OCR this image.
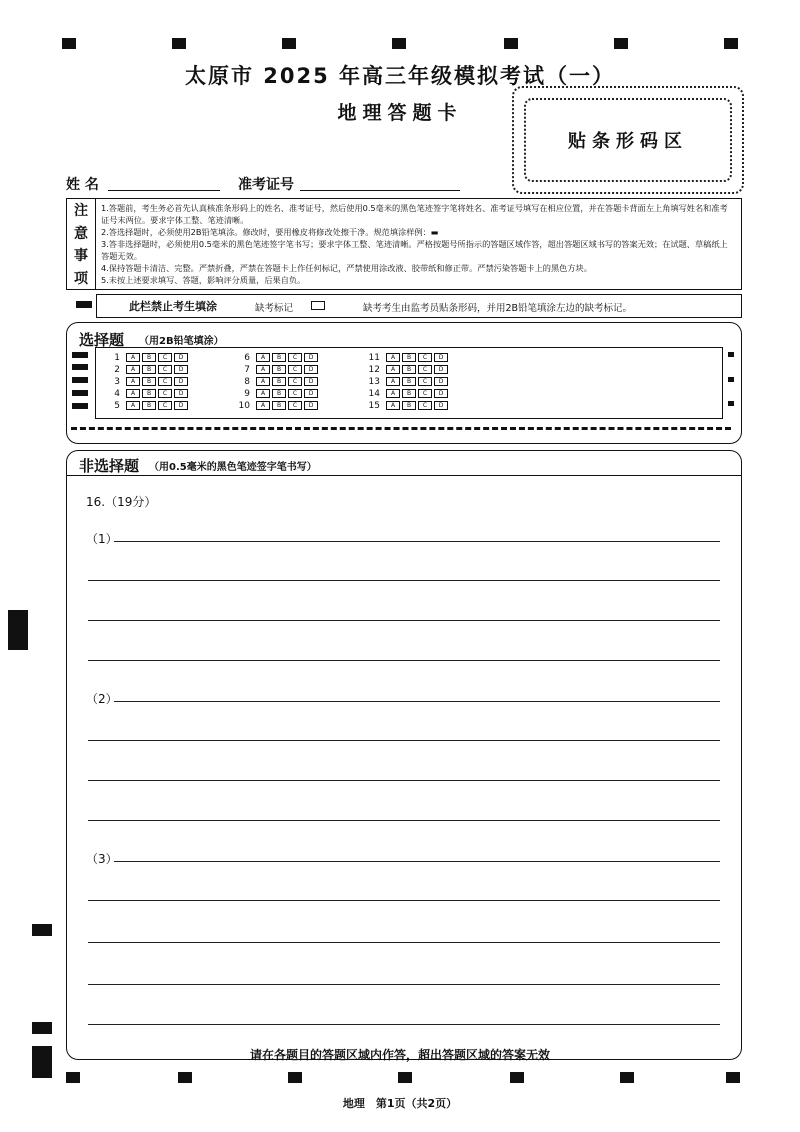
太原市 2025 年高三年级模拟考试（一）
地理答题卡
贴条形码区
姓 名	准考证号
注
意
事
项
1.答题前，考生务必首先认真核准条形码上的姓名、准考证号，然后使用0.5毫米的黑色笔迹签字笔将姓名、准考证号填写在相应位置，并在答题卡背面左上角填写姓名和准考证号末两位。要求字体工整、笔迹清晰。
2.答选择题时，必须使用2B铅笔填涂。修改时，要用橡皮将修改处擦干净。规范填涂样例：▬
3.答非选择题时，必须使用0.5毫米的黑色笔迹签字笔书写；要求字体工整、笔迹清晰。严格按题号所指示的答题区域作答，超出答题区域书写的答案无效；在试题、草稿纸上答题无效。
4.保持答题卡清洁、完整。严禁折叠，严禁在答题卡上作任何标记，严禁使用涂改液、胶带纸和修正带。严禁污染答题卡上的黑色方块。
5.未按上述要求填写、答题，影响评分质量，后果自负。
此栏禁止考生填涂	缺考标记	缺考考生由监考员贴条形码，并用2B铅笔填涂左边的缺考标记。
选择题 （用2B铅笔填涂）
1 A B C D
2 A B C D
3 A B C D
4 A B C D
5 A B C D
6 A B C D
7 A B C D
8 A B C D
9 A B C D
10 A B C D
11 A B C D
12 A B C D
13 A B C D
14 A B C D
15 A B C D
非选择题 （用0.5毫米的黑色笔迹签字笔书写）
16.（19分）
（1）
（2）
（3）
请在各题目的答题区域内作答，超出答题区域的答案无效
地理　第1页（共2页）
